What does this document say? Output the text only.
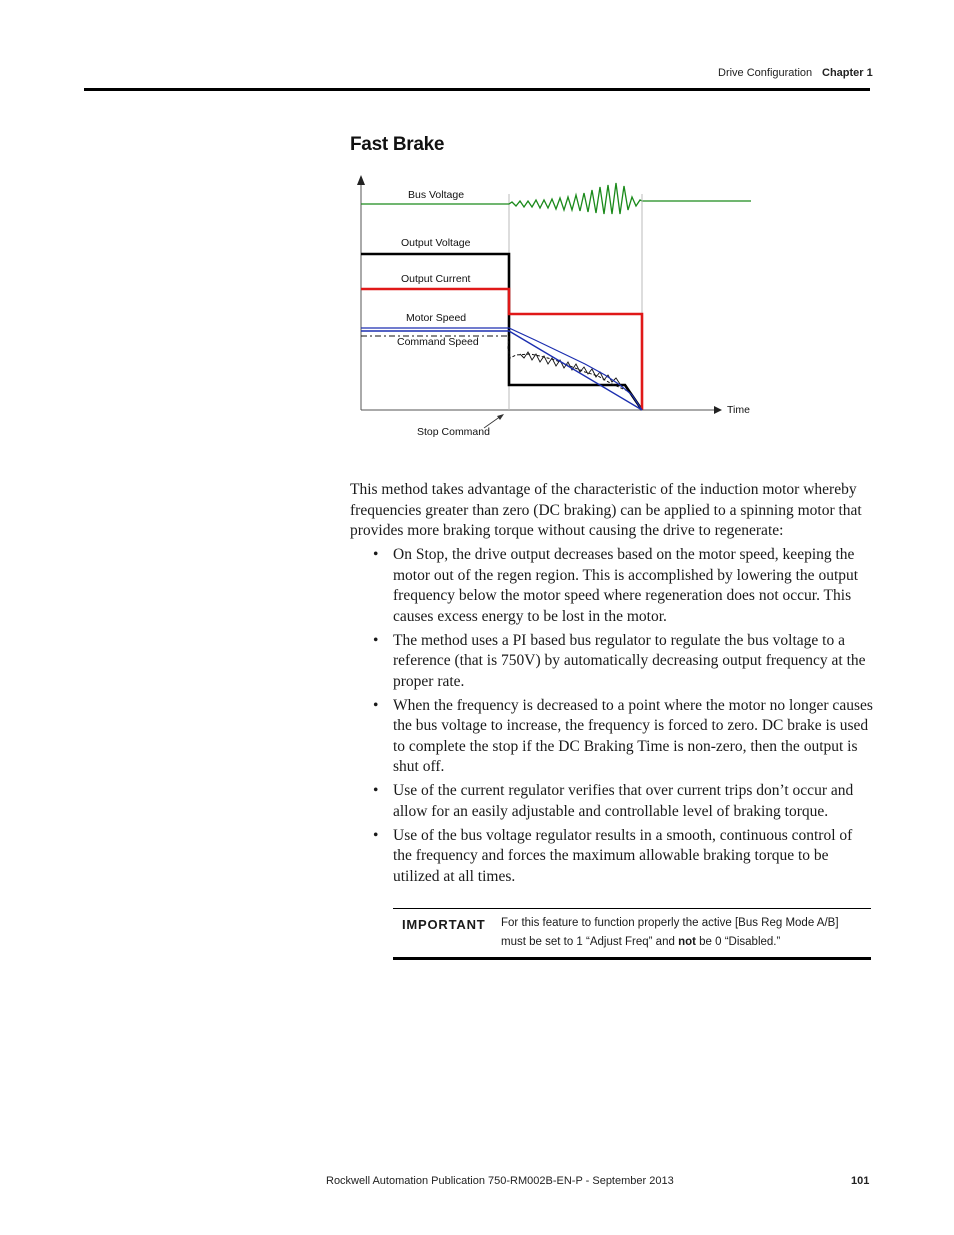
Drive Configuration Chapter 1
Fast Brake
Bus Voltage
Output Voltage
Output Current
Motor Speed
Command Speed
Time
Stop Command
This method takes advantage of the characteristic of the induction motor whereby frequencies greater than zero (DC braking) can be applied to a spinning motor that provides more braking torque without causing the drive to regenerate:
• On Stop, the drive output decreases based on the motor speed, keeping the motor out of the regen region. This is accomplished by lowering the output frequency below the motor speed where regeneration does not occur. This causes excess energy to be lost in the motor.
• The method uses a PI based bus regulator to regulate the bus voltage to a reference (that is 750V) by automatically decreasing output frequency at the proper rate.
• When the frequency is decreased to a point where the motor no longer causes the bus voltage to increase, the frequency is forced to zero. DC brake is used to complete the stop if the DC Braking Time is non-zero, then the output is shut off.
• Use of the current regulator verifies that over current trips don’t occur and allow for an easily adjustable and controllable level of braking torque.
• Use of the bus voltage regulator results in a smooth, continuous control of the frequency and forces the maximum allowable braking torque to be utilized at all times.
IMPORTANT For this feature to function properly the active [Bus Reg Mode A/B] must be set to 1 “Adjust Freq” and not be 0 “Disabled.”
Rockwell Automation Publication 750-RM002B-EN-P - September 2013	101
